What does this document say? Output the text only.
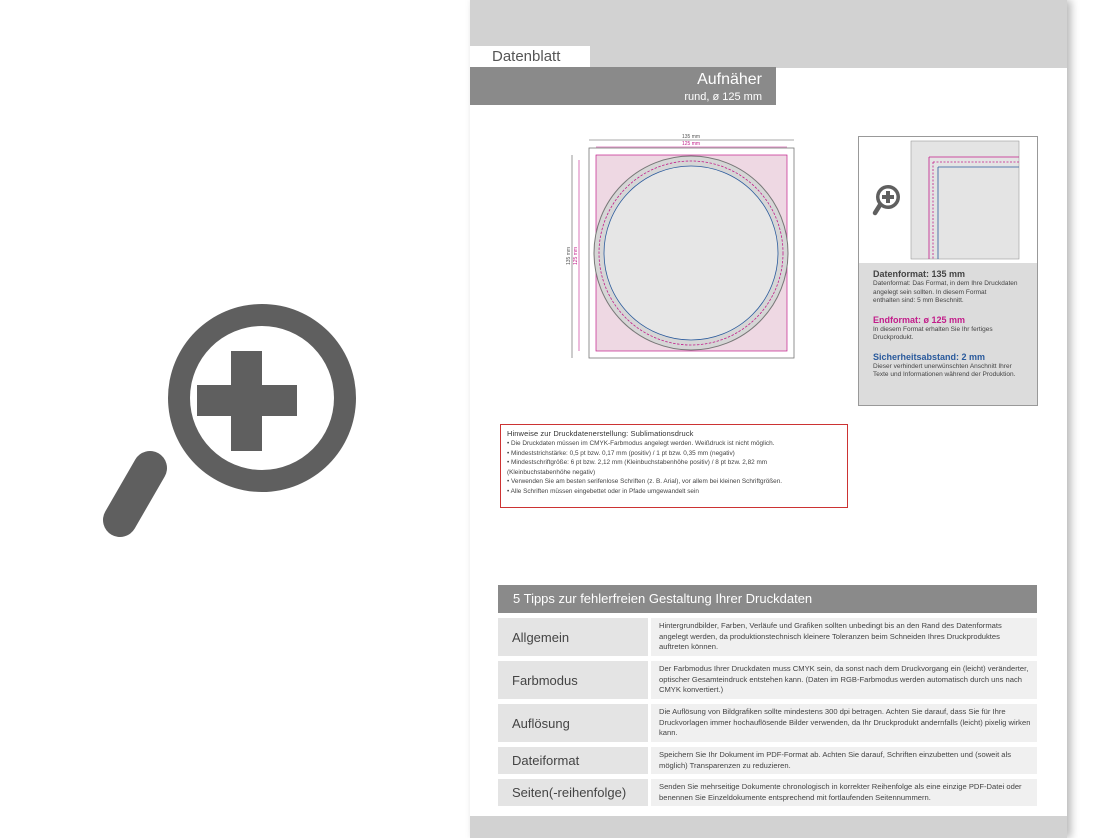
Datenblatt
Aufnäher
rund, ø 125 mm
135 mm
125 mm
135 mm 125 mm
Datenformat: 135 mm
Datenformat: Das Format, in dem Ihre Druckdaten
angelegt sein sollten. In diesem Format
enthalten sind: 5 mm Beschnitt.
Endformat: ø 125 mm
In diesem Format erhalten Sie Ihr fertiges
Druckprodukt.
Sicherheitsabstand: 2 mm
Dieser verhindert unerwünschten Anschnitt Ihrer
Texte und Informationen während der Produktion.
Hinweise zur Druckdatenerstellung: Sublimationsdruck
• Die Druckdaten müssen im CMYK-Farbmodus angelegt werden. Weißdruck ist nicht möglich.
• Mindeststrichstärke: 0,5 pt bzw. 0,17 mm (positiv) / 1 pt bzw. 0,35 mm (negativ)
• Mindestschriftgröße: 6 pt bzw. 2,12 mm (Kleinbuchstabenhöhe positiv) / 8 pt bzw. 2,82 mm
(Kleinbuchstabenhöhe negativ)
• Verwenden Sie am besten serifenlose Schriften (z. B. Arial), vor allem bei kleinen Schriftgrößen.
• Alle Schriften müssen eingebettet oder in Pfade umgewandelt sein
5 Tipps zur fehlerfreien Gestaltung Ihrer Druckdaten
Allgemein
Hintergrundbilder, Farben, Verläufe und Grafiken sollten unbedingt bis an den Rand des Datenformats angelegt werden, da produktionstechnisch kleinere Toleranzen beim Schneiden Ihres Druckproduktes auftreten können.
Farbmodus
Der Farbmodus Ihrer Druckdaten muss CMYK sein, da sonst nach dem Druckvorgang ein (leicht) veränderter, optischer Gesamteindruck entstehen kann. (Daten im RGB-Farbmodus werden automatisch durch uns nach CMYK konvertiert.)
Auflösung
Die Auflösung von Bildgrafiken sollte mindestens 300 dpi betragen. Achten Sie darauf, dass Sie für Ihre Druckvorlagen immer hochauflösende Bilder verwenden, da Ihr Druckprodukt andernfalls (leicht) pixelig wirken kann.
Dateiformat	Speichern Sie Ihr Dokument im PDF-Format ab. Achten Sie darauf, Schriften einzubetten und (soweit als möglich) Transparenzen zu reduzieren.
Seiten(-reihenfolge)	Senden Sie mehrseitige Dokumente chronologisch in korrekter Reihenfolge als eine einzige PDF-Datei oder benennen Sie Einzeldokumente entsprechend mit fortlaufenden Seitennummern.
